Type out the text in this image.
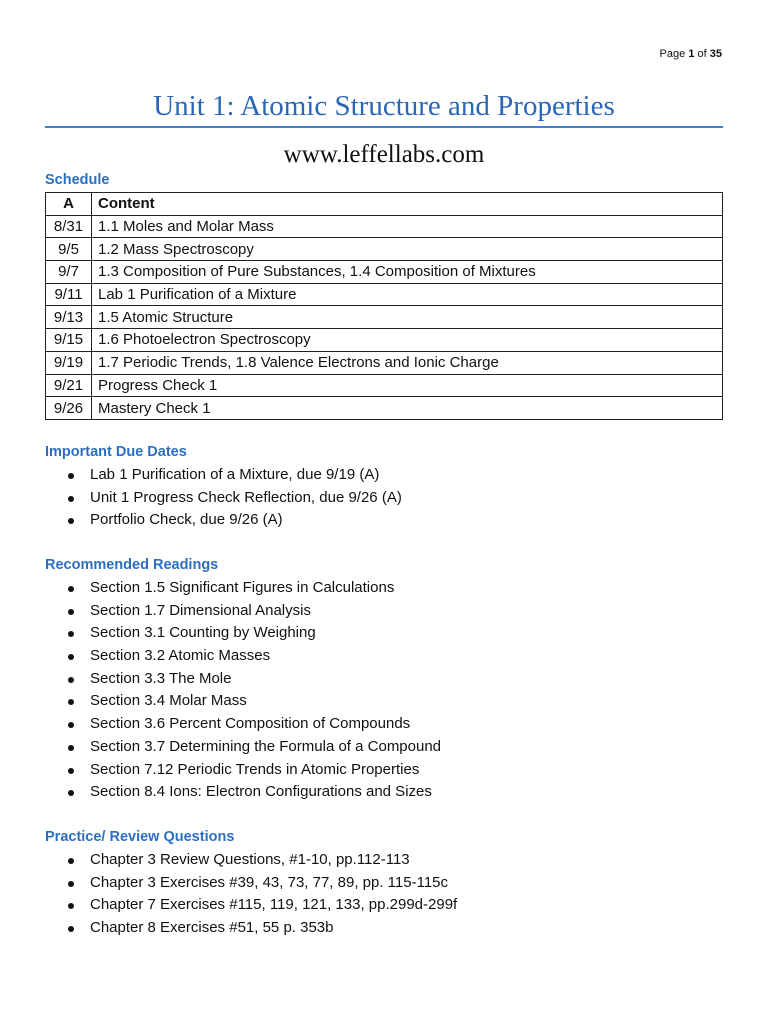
Page 1 of 35
Unit 1: Atomic Structure and Properties
www.leffellabs.com
Schedule
A	Content
8/31	1.1 Moles and Molar Mass
9/5	1.2 Mass Spectroscopy
9/7	1.3 Composition of Pure Substances, 1.4 Composition of Mixtures
9/11	Lab 1 Purification of a Mixture
9/13	1.5 Atomic Structure
9/15	1.6 Photoelectron Spectroscopy
9/19	1.7 Periodic Trends, 1.8 Valence Electrons and Ionic Charge
9/21	Progress Check 1
9/26	Mastery Check 1
Important Due Dates
Lab 1 Purification of a Mixture, due 9/19 (A)
Unit 1 Progress Check Reflection, due 9/26 (A)
Portfolio Check, due 9/26 (A)
Recommended Readings
Section 1.5 Significant Figures in Calculations
Section 1.7 Dimensional Analysis
Section 3.1 Counting by Weighing
Section 3.2 Atomic Masses
Section 3.3 The Mole
Section 3.4 Molar Mass
Section 3.6 Percent Composition of Compounds
Section 3.7 Determining the Formula of a Compound
Section 7.12 Periodic Trends in Atomic Properties
Section 8.4 Ions: Electron Configurations and Sizes
Practice/ Review Questions
Chapter 3 Review Questions, #1-10, pp.112-113
Chapter 3 Exercises #39, 43, 73, 77, 89, pp. 115-115c
Chapter 7 Exercises #115, 119, 121, 133, pp.299d-299f
Chapter 8 Exercises #51, 55 p. 353b
